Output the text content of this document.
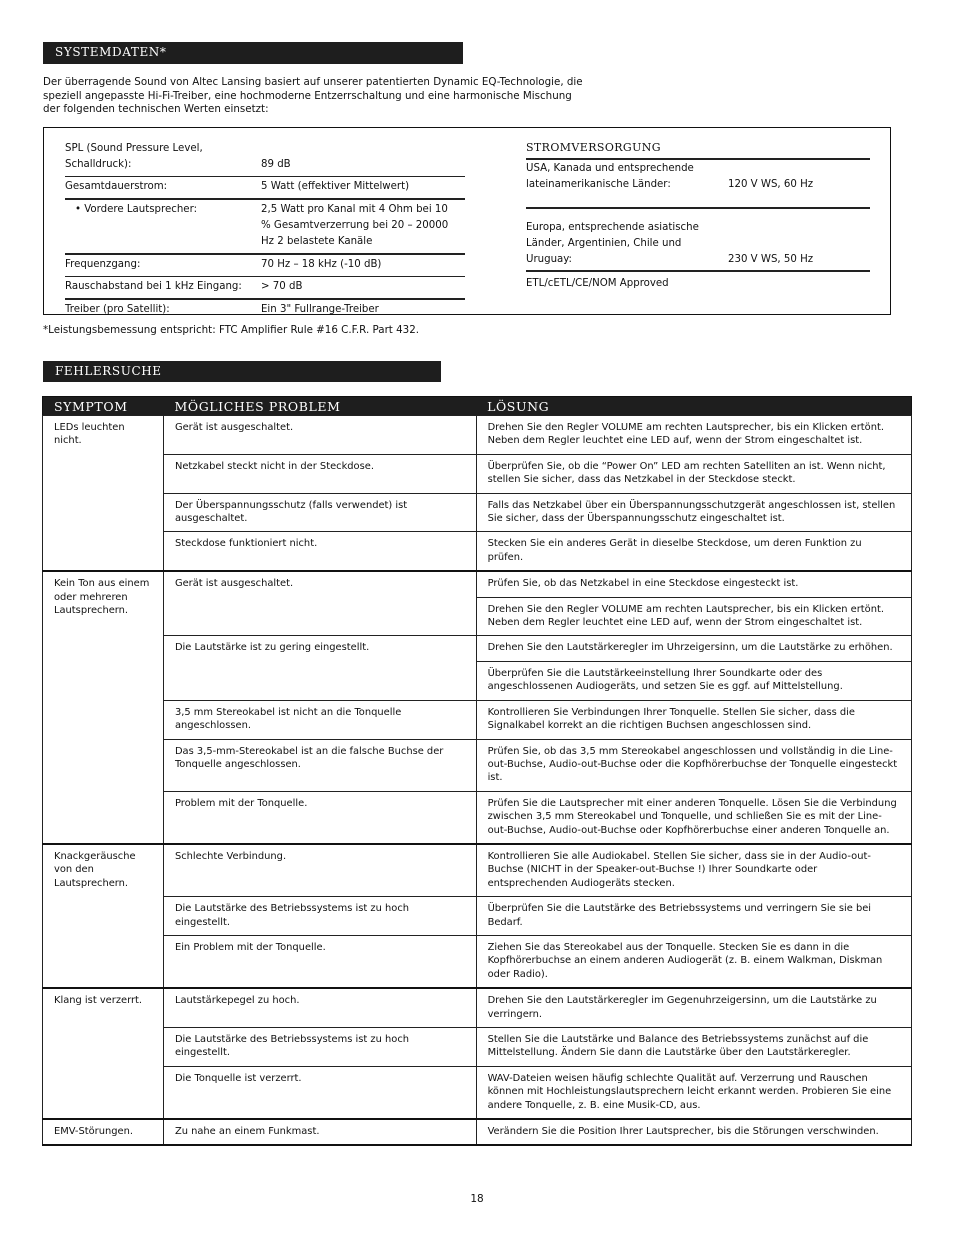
SYSTEMDATEN*
Der überragende Sound von Altec Lansing basiert auf unserer patentierten Dynamic EQ-Technologie, die speziell angepasste Hi-Fi-Treiber, eine hochmoderne Entzerrschaltung und eine harmonische Mischung der folgenden technischen Werten einsetzt:
SPL (Sound Pressure Level, Schalldruck):	89 dB
Gesamtdauerstrom:	5 Watt (effektiver Mittelwert)
• Vordere Lautsprecher:	2,5 Watt pro Kanal mit 4 Ohm bei 10 % Gesamtverzerrung bei 20 – 20000 Hz 2 belastete Kanäle
Frequenzgang:	70 Hz – 18 kHz (-10 dB)
Rauschabstand bei 1 kHz Eingang:	> 70 dB
Treiber (pro Satellit):	Ein 3" Fullrange-Treiber
STROMVERSORGUNG
USA, Kanada und entsprechende lateinamerikanische Länder:	120 V WS, 60 Hz
Europa, entsprechende asiatische Länder, Argentinien, Chile und Uruguay:	230 V WS, 50 Hz
ETL/cETL/CE/NOM Approved
*Leistungsbemessung entspricht: FTC Amplifier Rule #16 C.F.R. Part 432.
FEHLERSUCHE
SYMPTOM	MÖGLICHES PROBLEM	LÖSUNG
LEDs leuchten nicht.	Gerät ist ausgeschaltet.	Drehen Sie den Regler VOLUME am rechten Lautsprecher, bis ein Klicken ertönt. Neben dem Regler leuchtet eine LED auf, wenn der Strom eingeschaltet ist.
	Netzkabel steckt nicht in der Steckdose.	Überprüfen Sie, ob die “Power On” LED am rechten Satelliten an ist. Wenn nicht, stellen Sie sicher, dass das Netzkabel in der Steckdose steckt.
	Der Überspannungsschutz (falls verwendet) ist ausgeschaltet.	Falls das Netzkabel über ein Überspannungsschutzgerät angeschlossen ist, stellen Sie sicher, dass der Überspannungsschutz eingeschaltet ist.
	Steckdose funktioniert nicht.	Stecken Sie ein anderes Gerät in dieselbe Steckdose, um deren Funktion zu prüfen.
Kein Ton aus einem oder mehreren Lautsprechern.	Gerät ist ausgeschaltet.	Prüfen Sie, ob das Netzkabel in eine Steckdose eingesteckt ist.
		Drehen Sie den Regler VOLUME am rechten Lautsprecher, bis ein Klicken ertönt. Neben dem Regler leuchtet eine LED auf, wenn der Strom eingeschaltet ist.
	Die Lautstärke ist zu gering eingestellt.	Drehen Sie den Lautstärkeregler im Uhrzeigersinn, um die Lautstärke zu erhöhen.
		Überprüfen Sie die Lautstärkeeinstellung Ihrer Soundkarte oder des angeschlossenen Audiogeräts, und setzen Sie es ggf. auf Mittelstellung.
	3,5 mm Stereokabel ist nicht an die Tonquelle angeschlossen.	Kontrollieren Sie Verbindungen Ihrer Tonquelle. Stellen Sie sicher, dass die Signalkabel korrekt an die richtigen Buchsen angeschlossen sind.
	Das 3,5-mm-Stereokabel ist an die falsche Buchse der Tonquelle angeschlossen.	Prüfen Sie, ob das 3,5 mm Stereokabel angeschlossen und vollständig in die Line-out-Buchse, Audio-out-Buchse oder die Kopfhörerbuchse der Tonquelle eingesteckt ist.
	Problem mit der Tonquelle.	Prüfen Sie die Lautsprecher mit einer anderen Tonquelle. Lösen Sie die Verbindung zwischen 3,5 mm Stereokabel und Tonquelle, und schließen Sie es mit der Line-out-Buchse, Audio-out-Buchse oder Kopfhörerbuchse einer anderen Tonquelle an.
Knackgeräusche von den Lautsprechern.	Schlechte Verbindung.	Kontrollieren Sie alle Audiokabel. Stellen Sie sicher, dass sie in der Audio-out-Buchse (NICHT in der Speaker-out-Buchse !) Ihrer Soundkarte oder entsprechenden Audiogeräts stecken.
	Die Lautstärke des Betriebssystems ist zu hoch eingestellt.	Überprüfen Sie die Lautstärke des Betriebssystems und verringern Sie sie bei Bedarf.
	Ein Problem mit der Tonquelle.	Ziehen Sie das Stereokabel aus der Tonquelle. Stecken Sie es dann in die Kopfhörerbuchse an einem anderen Audiogerät (z. B. einem Walkman, Diskman oder Radio).
Klang ist verzerrt.	Lautstärkepegel zu hoch.	Drehen Sie den Lautstärkeregler im Gegenuhrzeigersinn, um die Lautstärke zu verringern.
	Die Lautstärke des Betriebssystems ist zu hoch eingestellt.	Stellen Sie die Lautstärke und Balance des Betriebssystems zunächst auf die Mittelstellung. Ändern Sie dann die Lautstärke über den Lautstärkeregler.
	Die Tonquelle ist verzerrt.	WAV-Dateien weisen häufig schlechte Qualität auf. Verzerrung und Rauschen können mit Hochleistungslautsprechern leicht erkannt werden. Probieren Sie eine andere Tonquelle, z. B. eine Musik-CD, aus.
EMV-Störungen.	Zu nahe an einem Funkmast.	Verändern Sie die Position Ihrer Lautsprecher, bis die Störungen verschwinden.
18
